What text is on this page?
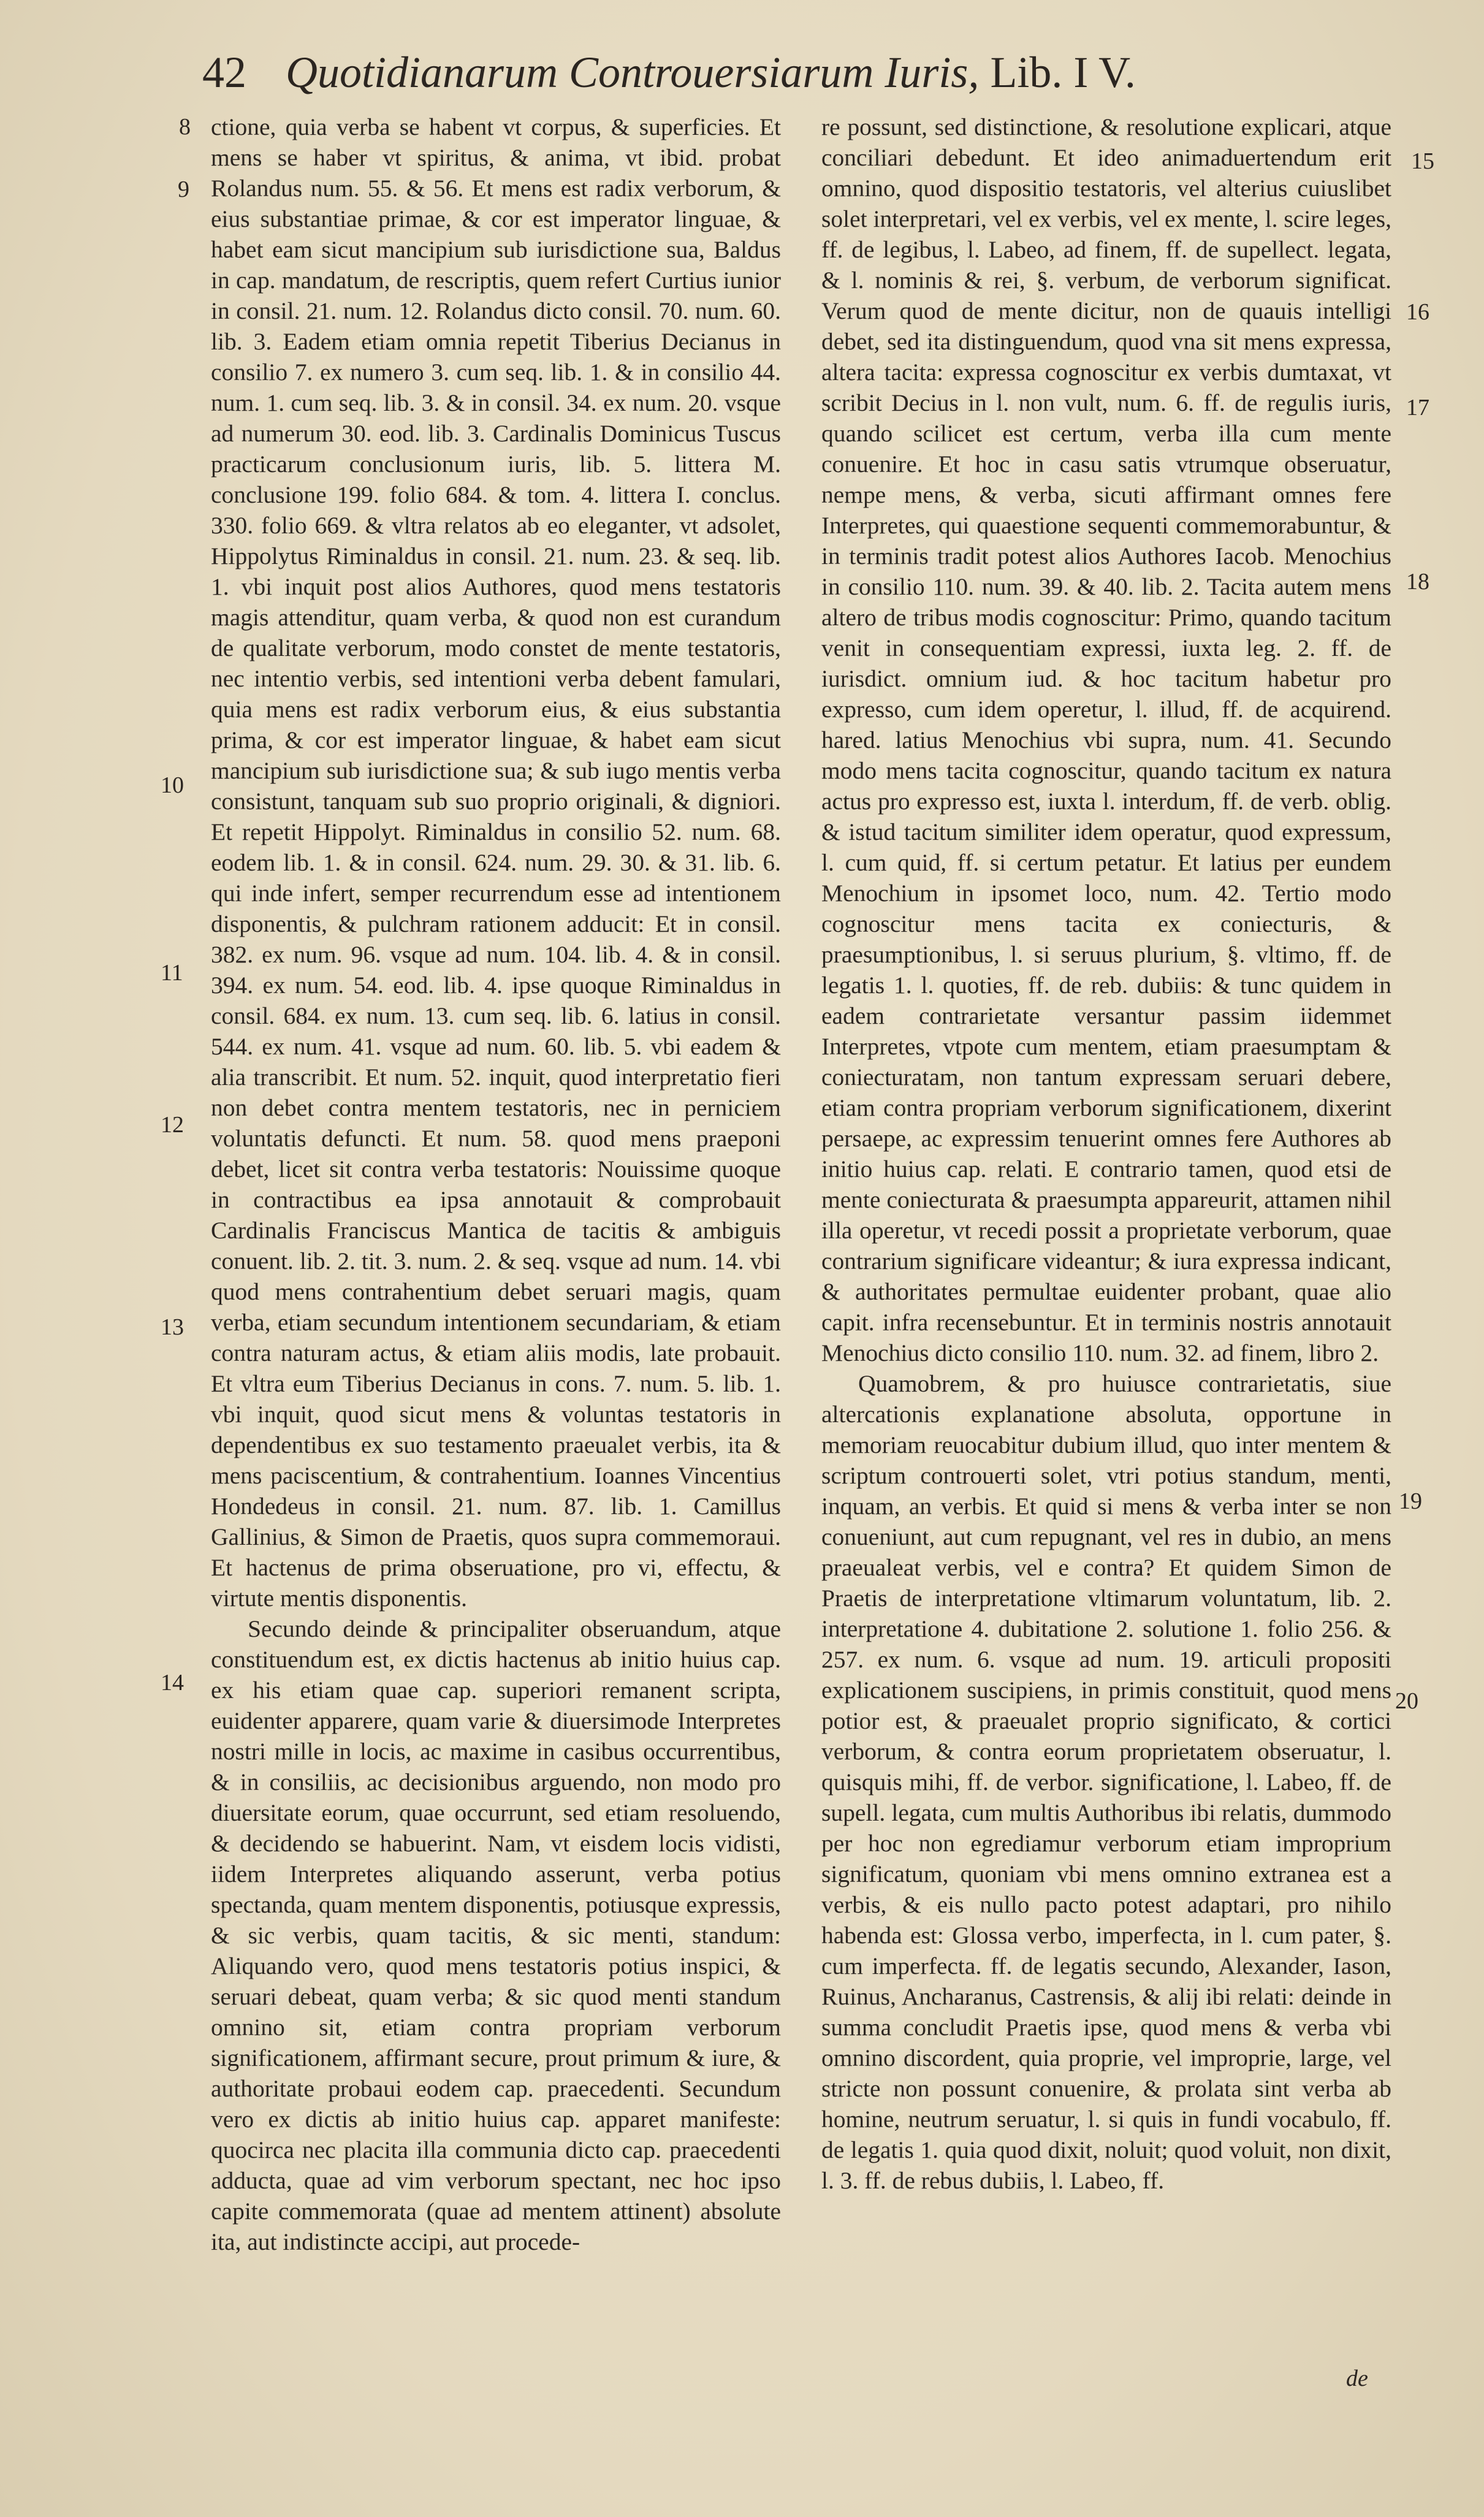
42 Quotidianarum Controuersiarum Iuris, Lib. I V.
8
9
10
11
12
13
14
15
16
17
18
19
20

ctione, quia verba se habent vt corpus, & superficies. Et mens se haber vt spiritus, & anima, vt ibid. probat Rolandus num. 55. & 56. Et mens est radix verborum, & eius substantiae primae, & cor est imperator linguae, & habet eam sicut mancipium sub iurisdictione sua, Baldus in cap. mandatum, de rescriptis, quem refert Curtius iunior in consil. 21. num. 12. Rolandus dicto consil. 70. num. 60. lib. 3. Eadem etiam omnia repetit Tiberius Decianus in consilio 7. ex numero 3. cum seq. lib. 1. & in consilio 44. num. 1. cum seq. lib. 3. & in consil. 34. ex num. 20. vsque ad numerum 30. eod. lib. 3. Cardinalis Dominicus Tuscus practicarum conclusionum iuris, lib. 5. littera M. conclusione 199. folio 684. & tom. 4. littera I. conclus. 330. folio 669. & vltra relatos ab eo eleganter, vt adsolet, Hippolytus Riminaldus in consil. 21. num. 23. & seq. lib. 1. vbi inquit post alios Authores, quod mens testatoris magis attenditur, quam verba, & quod non est curandum de qualitate verborum, modo constet de mente testatoris, nec intentio verbis, sed intentioni verba debent famulari, quia mens est radix verborum eius, & eius substantia prima, & cor est imperator linguae, & habet eam sicut mancipium sub iurisdictione sua; & sub iugo mentis verba consistunt, tanquam sub suo proprio originali, & digniori. Et repetit Hippolyt. Riminaldus in consilio 52. num. 68. eodem lib. 1. & in consil. 624. num. 29. 30. & 31. lib. 6. qui inde infert, semper recurrendum esse ad intentionem disponentis, & pulchram rationem adducit: Et in consil. 382. ex num. 96. vsque ad num. 104. lib. 4. & in consil. 394. ex num. 54. eod. lib. 4. ipse quoque Riminaldus in consil. 684. ex num. 13. cum seq. lib. 6. latius in consil. 544. ex num. 41. vsque ad num. 60. lib. 5. vbi eadem & alia transcribit. Et num. 52. inquit, quod interpretatio fieri non debet contra mentem testatoris, nec in perniciem voluntatis defuncti. Et num. 58. quod mens praeponi debet, licet sit contra verba testatoris: Nouissime quoque in contractibus ea ipsa annotauit & comprobauit Cardinalis Franciscus Mantica de tacitis & ambiguis conuent. lib. 2. tit. 3. num. 2. & seq. vsque ad num. 14. vbi quod mens contrahentium debet seruari magis, quam verba, etiam secundum intentionem secundariam, & etiam contra naturam actus, & etiam aliis modis, late probauit. Et vltra eum Tiberius Decianus in cons. 7. num. 5. lib. 1. vbi inquit, quod sicut mens & voluntas testatoris in dependentibus ex suo testamento praeualet verbis, ita & mens paciscentium, & contrahentium. Ioannes Vincentius Hondedeus in consil. 21. num. 87. lib. 1. Camillus Gallinius, & Simon de Praetis, quos supra commemoraui. Et hactenus de prima obseruatione, pro vi, effectu, & virtute mentis disponentis.

Secundo deinde & principaliter obseruandum, atque constituendum est, ex dictis hactenus ab initio huius cap. ex his etiam quae cap. superiori remanent scripta, euidenter apparere, quam varie & diuersimode Interpretes nostri mille in locis, ac maxime in casibus occurrentibus, & in consiliis, ac decisionibus arguendo, non modo pro diuersitate eorum, quae occurrunt, sed etiam resoluendo, & decidendo se habuerint. Nam, vt eisdem locis vidisti, iidem Interpretes aliquando asserunt, verba potius spectanda, quam mentem disponentis, potiusque expressis, & sic verbis, quam tacitis, & sic menti, standum: Aliquando vero, quod mens testatoris potius inspici, & seruari debeat, quam verba; & sic quod menti standum omnino sit, etiam contra propriam verborum significationem, affirmant secure, prout primum & iure, & authoritate probaui eodem cap. praecedenti. Secundum vero ex dictis ab initio huius cap. apparet manifeste: quocirca nec placita illa communia dicto cap. praecedenti adducta, quae ad vim verborum spectant, nec hoc ipso capite commemorata (quae ad mentem attinent) absolute ita, aut indistincte accipi, aut procede-

re possunt, sed distinctione, & resolutione explicari, atque conciliari debedunt. Et ideo animaduertendum erit omnino, quod dispositio testatoris, vel alterius cuiuslibet solet interpretari, vel ex verbis, vel ex mente, l. scire leges, ff. de legibus, l. Labeo, ad finem, ff. de supellect. legata, & l. nominis & rei, §. verbum, de verborum significat. Verum quod de mente dicitur, non de quauis intelligi debet, sed ita distinguendum, quod vna sit mens expressa, altera tacita: expressa cognoscitur ex verbis dumtaxat, vt scribit Decius in l. non vult, num. 6. ff. de regulis iuris, quando scilicet est certum, verba illa cum mente conuenire. Et hoc in casu satis vtrumque obseruatur, nempe mens, & verba, sicuti affirmant omnes fere Interpretes, qui quaestione sequenti commemorabuntur, & in terminis tradit potest alios Authores Iacob. Menochius in consilio 110. num. 39. & 40. lib. 2. Tacita autem mens altero de tribus modis cognoscitur: Primo, quando tacitum venit in consequentiam expressi, iuxta leg. 2. ff. de iurisdict. omnium iud. & hoc tacitum habetur pro expresso, cum idem operetur, l. illud, ff. de acquirend. hared. latius Menochius vbi supra, num. 41. Secundo modo mens tacita cognoscitur, quando tacitum ex natura actus pro expresso est, iuxta l. interdum, ff. de verb. oblig. & istud tacitum similiter idem operatur, quod expressum, l. cum quid, ff. si certum petatur. Et latius per eundem Menochium in ipsomet loco, num. 42. Tertio modo cognoscitur mens tacita ex coniecturis, & praesumptionibus, l. si seruus plurium, §. vltimo, ff. de legatis 1. l. quoties, ff. de reb. dubiis: & tunc quidem in eadem contrarietate versantur passim iidemmet Interpretes, vtpote cum mentem, etiam praesumptam & coniecturatam, non tantum expressam seruari debere, etiam contra propriam verborum significationem, dixerint persaepe, ac expressim tenuerint omnes fere Authores ab initio huius cap. relati. E contrario tamen, quod etsi de mente coniecturata & praesumpta appareurit, attamen nihil illa operetur, vt recedi possit a proprietate verborum, quae contrarium significare videantur; & iura expressa indicant, & authoritates permultae euidenter probant, quae alio capit. infra recensebuntur. Et in terminis nostris annotauit Menochius dicto consilio 110. num. 32. ad finem, libro 2.

Quamobrem, & pro huiusce contrarietatis, siue altercationis explanatione absoluta, opportune in memoriam reuocabitur dubium illud, quo inter mentem & scriptum controuerti solet, vtri potius standum, menti, inquam, an verbis. Et quid si mens & verba inter se non conueniunt, aut cum repugnant, vel res in dubio, an mens praeualeat verbis, vel e contra? Et quidem Simon de Praetis de interpretatione vltimarum voluntatum, lib. 2. interpretatione 4. dubitatione 2. solutione 1. folio 256. & 257. ex num. 6. vsque ad num. 19. articuli propositi explicationem suscipiens, in primis constituit, quod mens potior est, & praeualet proprio significato, & cortici verborum, & contra eorum proprietatem obseruatur, l. quisquis mihi, ff. de verbor. significatione, l. Labeo, ff. de supell. legata, cum multis Authoribus ibi relatis, dummodo per hoc non egrediamur verborum etiam improprium significatum, quoniam vbi mens omnino extranea est a verbis, & eis nullo pacto potest adaptari, pro nihilo habenda est: Glossa verbo, imperfecta, in l. cum pater, §. cum imperfecta. ff. de legatis secundo, Alexander, Iason, Ruinus, Ancharanus, Castrensis, & alij ibi relati: deinde in summa concludit Praetis ipse, quod mens & verba vbi omnino discordent, quia proprie, vel improprie, large, vel stricte non possunt conuenire, & prolata sint verba ab homine, neutrum seruatur, l. si quis in fundi vocabulo, ff. de legatis 1. quia quod dixit, noluit; quod voluit, non dixit, l. 3. ff. de rebus dubiis, l. Labeo, ff.

de
